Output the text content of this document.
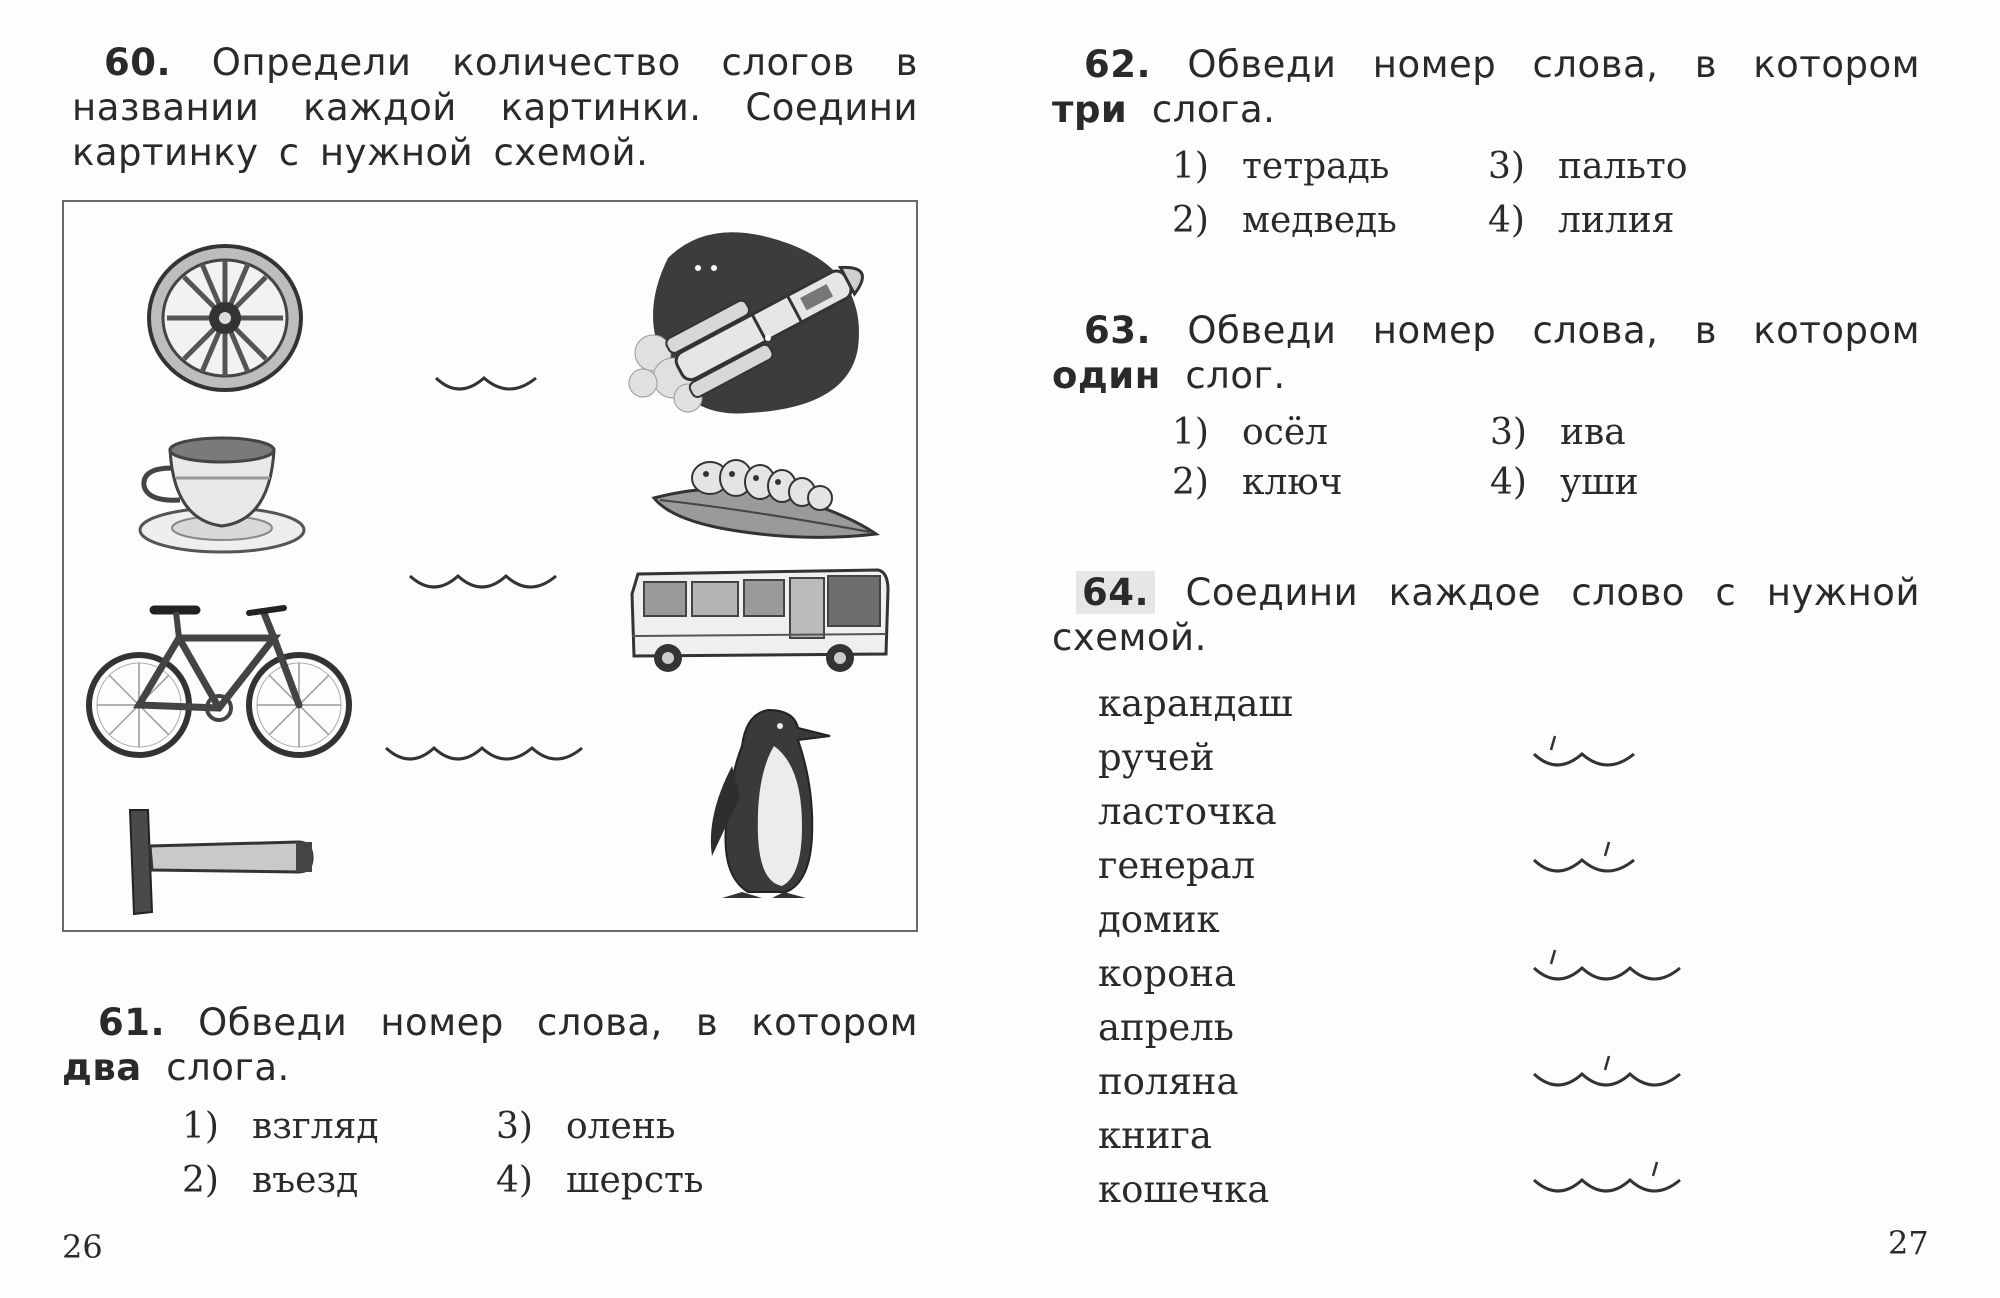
60. Определи количество слогов в
названии каждой картинки. Соедини
картинку с нужной схемой.
61. Обведи номер слова, в котором
два слога.
1) взгляд	3) олень
2) въезд	4) шерсть
26
62. Обведи номер слова, в котором
три слога.
1) тетрадь	3) пальто
2) медведь	4) лилия
63. Обведи номер слова, в котором
один слог.
1) осёл	3) ива
2) ключ	4) уши
64. Соедини каждое слово с нужной
схемой.
карандаш
ручей
ласточка
генерал
домик
корона
апрель
поляна
книга
кошечка
27
